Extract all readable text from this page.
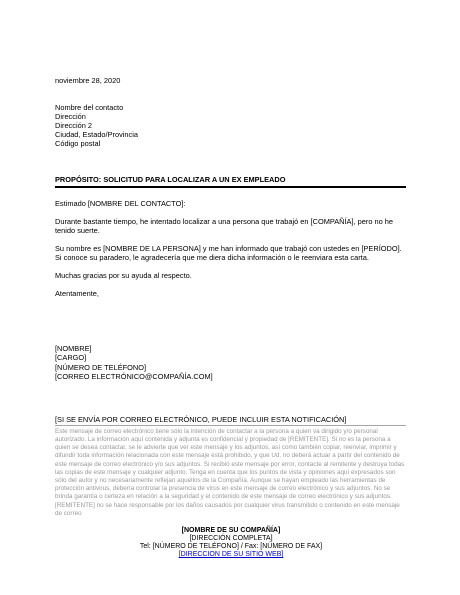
noviembre 28, 2020
Nombre del contacto
Dirección
Dirección 2
Ciudad, Estado/Provincia
Código postal
PROPÓSITO: SOLICITUD PARA LOCALIZAR A UN EX EMPLEADO

Estimado [NOMBRE DEL CONTACTO]:

Durante bastante tiempo, he intentado localizar a una persona que trabajó en [COMPAÑÍA], pero no he tenido suerte.

Su nombre es [NOMBRE DE LA PERSONA] y me han informado que trabajó con ustedes en [PERÍODO]. Si conoce su paradero, le agradecería que me diera dicha información o le reenviara esta carta.

Muchas gracias por su ayuda al respecto.

Atentamente,

[NOMBRE]
[CARGO]
[NÚMERO DE TELÉFONO]
[CORREO ELECTRÓNICO@COMPAÑÍA.COM]
[SI SE ENVÍA POR CORREO ELECTRÓNICO, PUEDE INCLUIR ESTA NOTIFICACIÓN]

Este mensaje de correo electrónico tiene sólo la intención de contactar a la persona a quien va dirigido y/o personal autorizado. La información aquí contenida y adjunta es confidencial y propiedad de [REMITENTE]. Si no es la persona a quien se desea contactar, se le advierte que ver este mensaje y los adjuntos, así como también copiar, reenviar, imprimir y difundir toda información relacionada con este mensaje está prohibido, y que Ud. no deberá actuar a partir del contenido de este mensaje de correo electrónico y/o sus adjuntos. Si recibió este mensaje por error, contacte al remitente y destruya todas las copias de este mensaje y cualquier adjunto. Tenga en cuenta que los puntos de vista y opiniones aquí expresados son sólo del autor y no necesariamente reflejan aquellos de la Compañía. Aunque se hayan empleado las herramientas de protección antivirus, debería controlar la presencia de virus en este mensaje de correo electrónico y sus adjuntos. No se brinda garantía o certeza en relación a la seguridad y el contenido de este mensaje de correo electrónico y sus adjuntos. [REMITENTE] no se hace responsable por los daños causados por cualquier virus transmitido o contenido en este mensaje de correo

[NOMBRE DE SU COMPAÑÍA]
[DIRECCIÓN COMPLETA]
Tel: [NÚMERO DE TELÉFONO] / Fax: [NÚMERO DE FAX]
[DIRECCION DE SU SITIO WEB]
